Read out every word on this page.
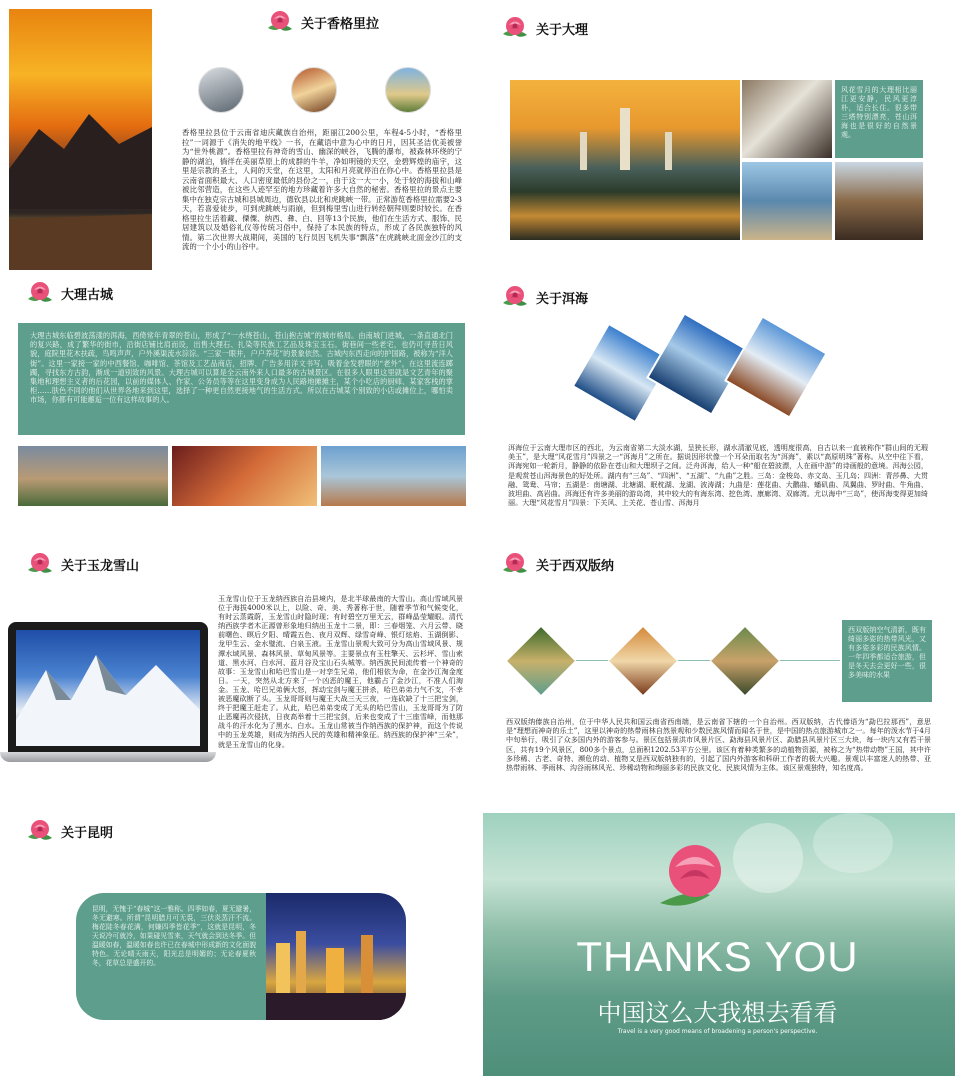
关于香格里拉

香格里拉县位于云南省迪庆藏族自治州，距丽江200公里，车程4-5小时，“香格里拉”一词源于《消失的地平线》一书，在藏语中意为心中的日月，因其圣洁优美被誉为“世外桃源”。香格里拉有神奇的雪山、幽深的峡谷，飞腾的瀑布，被森林环绕的宁静的湖泊，徜徉在美丽草原上的成群的牛羊，净如明镜的天空，金碧辉煌的庙宇，这里是宗教的圣土，人间的天堂，在这里，太阳和月亮就停泊在你心中。香格里拉县是云南省面积最大、人口密度最低的县份之一，由于这一大一小，处于较的海拔和山峰被比邻营造，在这些人迹罕至的地方珍藏着许多大自然的秘密。香格里拉的景点主要集中在独克宗古城和县城周边，德钦县以北和虎跳峡一带。正常游览香格里拉需要2-3天，若喜爱徒步，可到虎跳峡与雨崩，但到梅里雪山进行转经朝拜则要时较长。在香格里拉生活着藏、傈僳、纳西、彝、白、回等13个民族，他们在生活方式、服饰、民居建筑以及婚俗礼仪等传统习俗中，保持了本民族的特点，形成了各民族独特的风情。第二次世界大战期间，美国的飞行员因飞机失事“飘落”在虎跳峡北面金沙江的支流的一个小小的山谷中。

关于大理

风花雪月的大理相比丽江更安静，民风更淳朴，适合长住。很多带三塔特别漂亮，苍山洱海也是很好的自然景观。

大理古城

大理古城东临碧波荡漾的洱海，西倚常年青翠的苍山，形成了“一水绕苍山，苍山抱古城”的城市格局。由南城门进城，一条直通北门的复兴路，成了繁华的街市，沿街店铺比肩而设，出售大理石、扎染等民族工艺品及珠宝玉石。街巷间一些老宅，也仍可寻昔日风貌，庭院里花木扶疏，鸟鸣声声，户外溪渠流水淙淙。“三家一眼井，户户养花”的景象依然。古城内东西走向的护国路，被称为“洋人街”。这里一家接一家的中西餐馆、咖啡馆、茶馆及工艺品商店，招牌、广告多用洋文书写，吸着金发碧眼的“老外”，在这里流连踯躅，寻找东方古韵，渐成一道别致的风景。大理古城可以算是全云南外来人口最多的古城景区。在很多人眼里这里就是文艺青年的聚集地和理想主义者的后花园，以前的媒体人、作家、公务员等等在这里变身成为人民路地摊摊主，某个小吃店的厨师、某家客栈的掌柜……肤色不同的他们从世界各地来到这里，选择了一种更自然更接地气的生活方式。所以在古城某个别致的小店或摊位上，哪怕卖市场，你都有可能邂逅一位有这样故事的人。

关于洱海

洱海位于云南大理市区的西北，为云南省第二大淡水湖，呈狭长形，湖水清澈见底，透明度很高，自古以来一直被称作“群山间的无瑕美玉”，是大理“风花雪月”四景之一“洱海月”之所在。据说因形状像一个耳朵而取名为“洱海”，素以“高原明珠”著称。从空中往下看，洱海宛如一轮新月，静静的依卧在苍山和大理坝子之间。泛舟洱海，给人一种“船在碧波漂，人在画中游”的诗画般的意境。洱海公园，是观赏苍山洱海景色的好处所。湖内有“三岛”、“四洲”、“五湖”、“九曲”之胜。三岛：金梭岛、赤文岛、玉几岛；四洲：青莎鼻、大贯融、鸳鸯、马帘；五湖是：南塘湖、北塘湖、眠枕湖、龙湖、波涛湖；九曲是：莲花曲、大鹳曲、蟠矶曲、凤翼曲、罗时曲、牛角曲、波坦曲、高岩曲。洱海还有许多美丽的游岛湾，其中较大的有海东湾、挖色湾、康廊湾、双廊湾。尤以海中“三岛”，使洱海变得更加绮丽。大理“风花雪月”四景：下关风、上关花、苍山雪、洱海月

关于玉龙雪山

玉龙雪山位于玉龙纳西族自治县境内，是北半球最南的大雪山。高山雪域风景位于海拔4000米以上，以险、奇、美、秀著称于世，随着季节和气候变化，有时云蒸霞蔚，玉龙雪山时隐时现；有时碧空万里无云，群峰晶莹耀眼。清代纳西族学者木正源曾形象地归纳出玉龙十二景，即：三春烟笼、六月云带、晓前曙色、暝后夕阳、晴霞五色、夜月双辉、绿雪奇峰、银灯炫焰、玉湖倒影、龙甲生云、金水璧流、白泉玉液。玉龙雪山景观大致可分为高山雪域风景、规潭水域风景、森林风景、草甸风景等。主要景点有玉柱擎天、云杉坪、雪山索道、黑水河、白水河、蓝月谷及宝山石头城等。纳西族民间流传着一个神奇的故事：玉龙雪山和哈巴雪山是一对孪生兄弟，他们相依为命，在金沙江淘金度日。一天，突然从北方来了一个凶恶的魔王，他霸占了金沙江，不准人们淘金。玉龙、哈巴兄弟俩大怒，挥动宝剑与魔王拼杀，哈巴弟弟力气不支，不幸被恶魔砍断了头。玉龙哥哥则与魔王大战三天三夜，一连砍缺了十三把宝剑，终于把魔王赶走了。从此，哈巴弟弟变成了无头的哈巴雪山，玉龙哥哥为了防止恶魔再次侵扰，日夜高举着十三把宝剑，后来也变成了十三座雪峰，而他那战斗的汗水化为了黑水、白水。玉龙山常被当作纳西族的保护神，而这个传说中的玉龙英雄，则成为纳西人民的英雄和精神象征。纳西族的保护神“三朵”，就是玉龙雪山的化身。

关于西双版纳

西双版纳空气清新，既有绮丽多姿的热带风光，又有多姿多彩的民族风情。一年四季都适合旅游，但是冬天去会更好一些，很多美味的水果

西双版纳傣族自治州，位于中华人民共和国云南省西南端，是云南省下辖的一个自治州。西双版纳，古代傣语为“勐巴拉那西”，意思是“理想而神奇的乐土”，这里以神奇的热带雨林自然景观和少数民族风情而闻名于世，是中国的热点旅游城市之一。每年的泼水节于4月中旬举行，吸引了众多国内外的游客参与。景区包括景洪市风景片区、勐海县风景片区、勐腊县风景片区三大块，每一块内又有若干景区，共有19个风景区，800多个景点，总面积1202.53平方公里。该区有着种类繁多的动植物资源，被称之为“热带动物”王国，其中许多珍稀、古老、奇特、濒危的动、植物又是西双版纳独有的，引起了国内外游客和科研工作者的极大兴趣。景观以丰富迷人的热带、亚热带雨林、季雨林、沟谷雨林风光、珍稀动物和绚丽多彩的民族文化、民族风情为主体。该区景观独特，知名度高。

关于昆明

昆明，无愧于“春城”这一雅称。四季如春，夏无避暑，冬无避寒。所谓“昆明腊月可无裘，三伏炎蒸汗不流。梅花陡冬春花满，何嫌四季皆花季”，这就是昆明，冬天说冷可就冷，如果碰见雪来，天气就会到达冬季。但温暖如春，温暖如春也许已在春城中形成新的文化面貌特色。无论晴天雨天，阳光总是明媚的；无论春夏秋冬，花草总是盛开的。	THANKS YOU
中国这么大我想去看看
Travel is a very good means of broadening a person's perspective.
